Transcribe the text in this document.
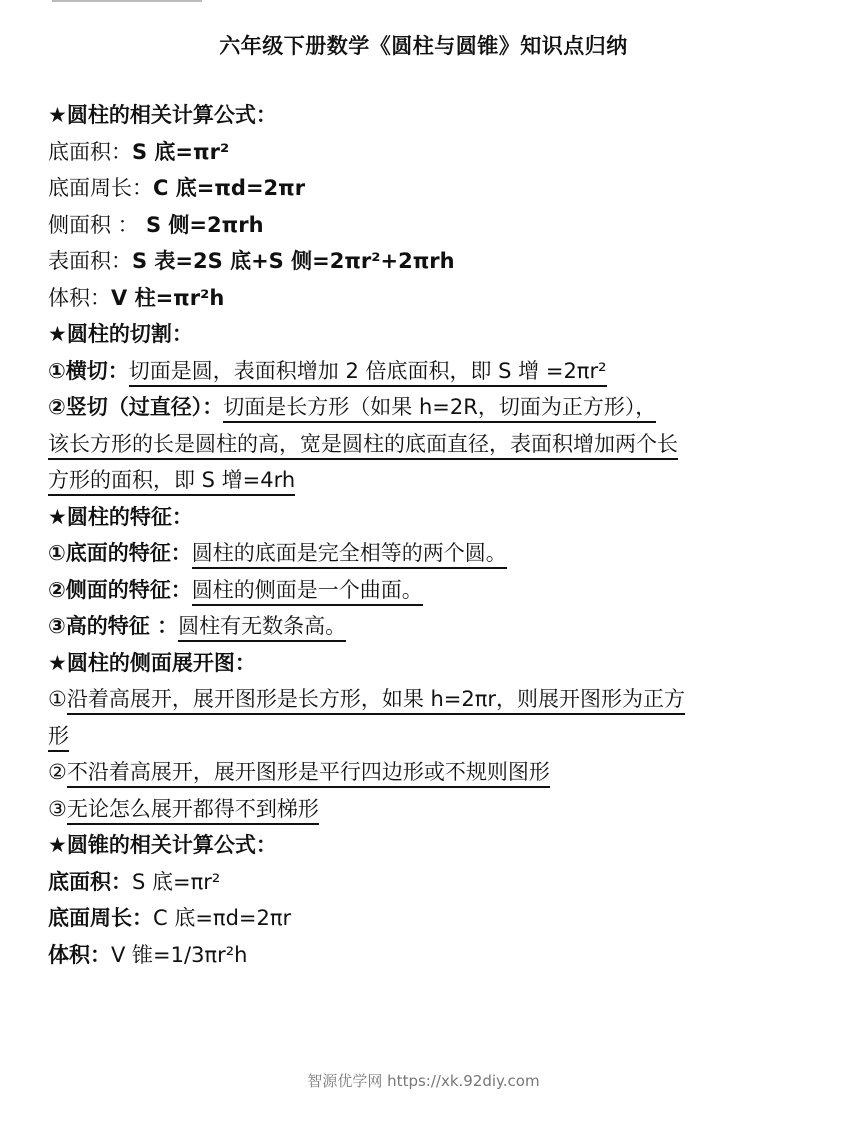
六年级下册数学《圆柱与圆锥》知识点归纳
★圆柱的相关计算公式：
底面积：S 底=πr²
底面周长：C 底=πd=2πr
侧面积 ： S 侧=2πrh
表面积：S 表=2S 底+S 侧=2πr²+2πrh
体积：V 柱=πr²h
★圆柱的切割：
①横切：切面是圆，表面积增加 2 倍底面积，即 S 增 =2πr²
②竖切（过直径）：切面是长方形（如果 h=2R，切面为正方形），
该长方形的长是圆柱的高，宽是圆柱的底面直径，表面积增加两个长
方形的面积，即 S 增=4rh
★圆柱的特征：
①底面的特征：圆柱的底面是完全相等的两个圆。
②侧面的特征：圆柱的侧面是一个曲面。
③高的特征 ：圆柱有无数条高。
★圆柱的侧面展开图：
①沿着高展开，展开图形是长方形，如果 h=2πr，则展开图形为正方
形
②不沿着高展开，展开图形是平行四边形或不规则图形
③无论怎么展开都得不到梯形
★圆锥的相关计算公式：
底面积：S 底=πr²
底面周长：C 底=πd=2πr
体积：V 锥=1/3πr²h
智源优学网 https://xk.92diy.com
